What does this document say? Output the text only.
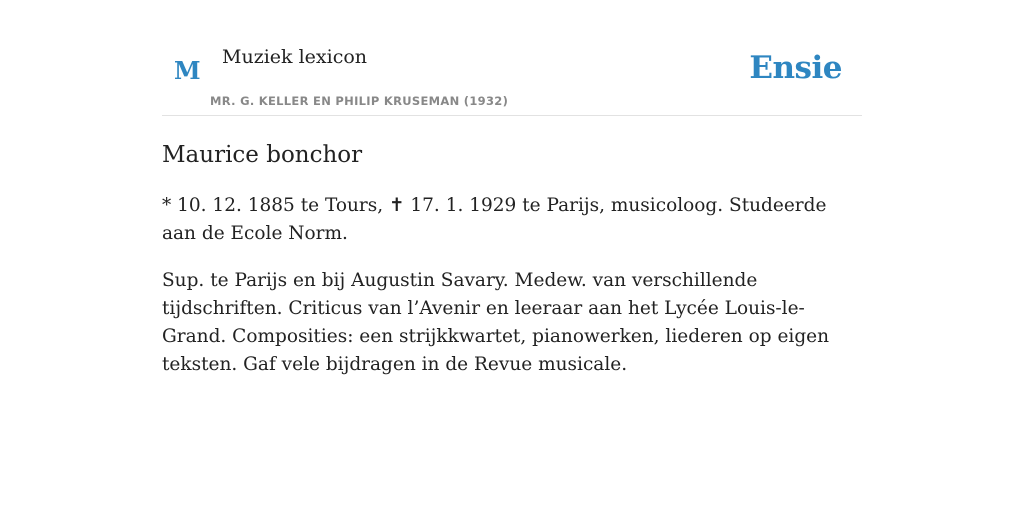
M Muziek lexicon
MR. G. KELLER EN PHILIP KRUSEMAN (1932)
Ensie
Maurice bonchor

* 10. 12. 1885 te Tours, ✝ 17. 1. 1929 te Parijs, musicoloog. Studeerde aan de Ecole Norm.

Sup. te Parijs en bij Augustin Savary. Medew. van verschillende tijdschriften. Criticus van l’Avenir en leeraar aan het Lycée Louis-le-Grand. Composities: een strijkkwartet, pianowerken, liederen op eigen teksten. Gaf vele bijdragen in de Revue musicale.
